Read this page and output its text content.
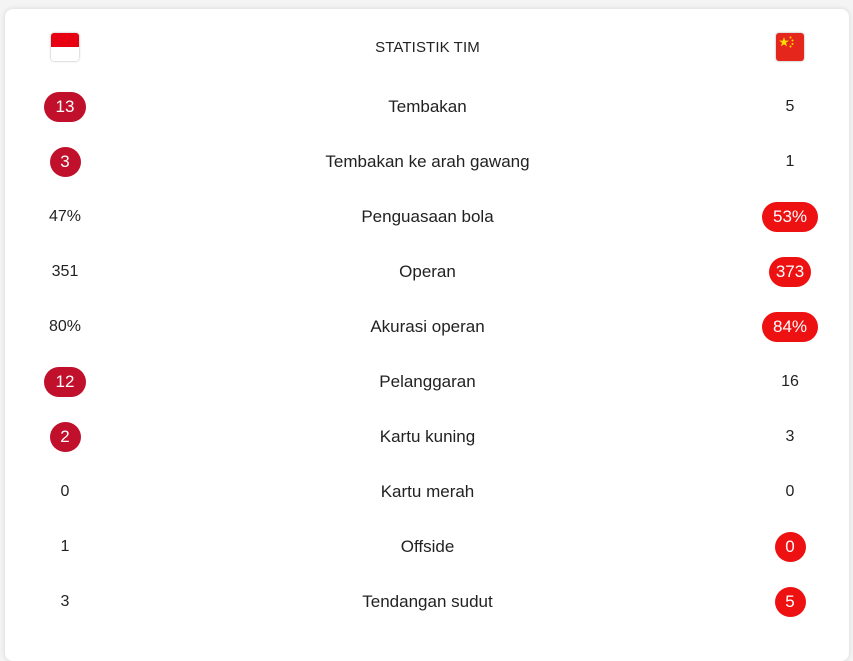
STATISTIK TIM
13	Tembakan	5
3	Tembakan ke arah gawang	1
47%	Penguasaan bola	53%
351	Operan	373
80%	Akurasi operan	84%
12	Pelanggaran	16
2	Kartu kuning	3
0	Kartu merah	0
1	Offside	0
3	Tendangan sudut	5
